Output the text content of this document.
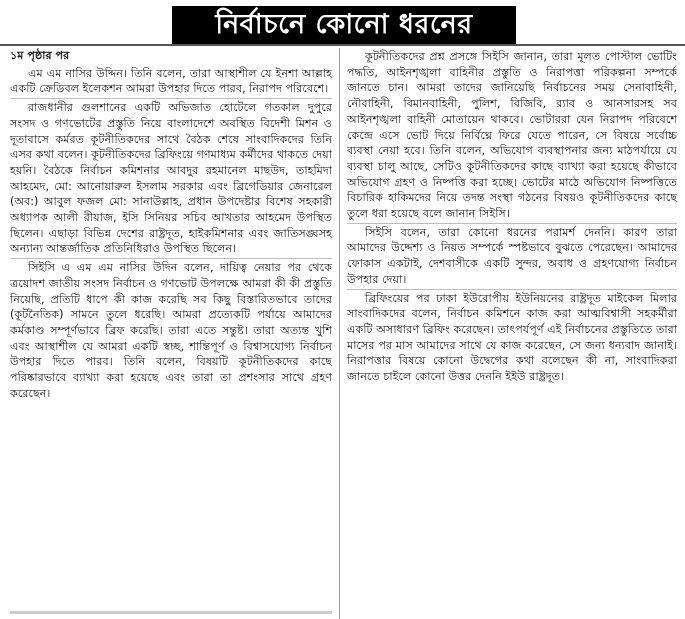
নির্বাচনে কোনো ধরনের

১ম পৃষ্ঠার পর

এম এম নাসির উদ্দিন। তিনি বলেন, তারা আস্থাশীল যে ইনশা আল্লাহ একটি ক্রেডিবল ইলেকশন আমরা উপহার দিতে পারব, নিরাপদ পরিবেশে।

রাজধানীর গুলশানের একটি অভিজাত হোটেলে গতকাল দুপুরে সংসদ ও গণভোটের প্রস্তুতি নিয়ে বাংলাদেশে অবস্থিত বিদেশী মিশন ও দূতাবাসে কর্মরত কূটনীতিকদের সাথে বৈঠক শেষে সাংবাদিকদের তিনি এসব কথা বলেন। কূটনীতিকদের ব্রিফিংয়ে গণমাধ্যম কর্মীদের থাকতে দেয়া হয়নি। বৈঠকে নির্বাচন কমিশনার আবদুর রহমানেল মাছউদ, তাহমিদা আহমেদ, মো: আনোয়ারুল ইসলাম সরকার এবং ব্রিগেডিয়ার জেনারেল (অব:) আবুল ফজল মো: সানাউল্লাহ, প্রধান উপদেষ্টার বিশেষ সহকারী অধ্যাপক আলী রীয়াজ, ইসি সিনিয়র সচিব আখতার আহমেদ উপস্থিত ছিলেন। এছাড়া বিভিন্ন দেশের রাষ্ট্রদূত, হাইকমিশনার এবং জাতিসঙ্ঘসহ অন্যান্য আন্তর্জাতিক প্রতিনিধিরাও উপস্থিত ছিলেন।

সিইসি এ এম এম নাসির উদিন বলেন, দায়িত্ব নেয়ার পর থেকে ত্রয়োদশ জাতীয় সংসদ নির্বাচন ও গণভোট উপলক্ষে আমরা কী কী প্রস্তুতি নিয়েছি, প্রতিটি ধাপে কী কাজ করেছি সব কিছু বিস্তারিতভাবে তাদের (কূটনৈতিক) সামনে তুলে ধরেছি। আমরা প্রত্যেকটি পর্যায়ে আমাদের কর্মকাণ্ড সম্পূর্ণভাবে ব্রিফ করেছি। তারা এতে সন্তুষ্ট। তারা অত্যন্ত খুশি এবং আস্থাশীল যে আমরা একটি স্বচ্ছ, শান্তিপূর্ণ ও বিশ্বাসযোগ্য নির্বাচন উপহার দিতে পারব। তিনি বলেন, বিষয়টি কূটনীতিকদের কাছে পরিষ্কারভাবে ব্যাখ্যা করা হয়েছে এবং তারা তা প্রশংসার সাথে গ্রহণ করেছেন।

কূটনীতিকদের প্রশ্ন প্রসঙ্গে সিইসি জানান, তারা মূলত পোস্টাল ভোটিং পদ্ধতি, আইনশৃঙ্খলা বাহিনীর প্রস্তুতি ও নিরাপত্তা পরিকল্পনা সম্পর্কে জানতে চান। আমরা তাদের জানিয়েছি নির্বাচনের সময় সেনাবাহিনী, নৌবাহিনী, বিমানবাহিনী, পুলিশ, বিজিবি, র‍্যাব ও আনসারসহ সব আইনশৃঙ্খলা বাহিনী মোতায়েন থাকবে। ভোটাররা যেন নিরাপদ পরিবেশে কেন্দ্রে এসে ভোট দিয়ে নির্বিঘ্নে ফিরে যেতে পারেন, সে বিষয়ে সর্বোচ্চ ব্যবস্থা নেয়া হবে। তিনি বলেন, অভিযোগ ব্যবস্থাপনার জন্য মাঠপর্যায়ে যে ব্যবস্থা চালু আছে, সেটিও কূটনীতিকদের কাছে ব্যাখ্যা করা হয়েছে কীভাবে অভিযোগ গ্রহণ ও নিষ্পত্তি করা হচ্ছে। ভোটের মাঠে অভিযোগ নিষ্পত্তিতে বিচারিক হাকিমদের নিয়ে তদন্ত সংস্থা গঠনের বিষয়ও কূটনীতিকদের কাছে তুলে ধরা হয়েছে বলে জানান সিইসি।

সিইসি বলেন, তারা কোনো ধরনের পরামর্শ দেননি। কারণ তারা আমাদের উদ্দেশ্য ও নিয়ত সম্পর্কে স্পষ্টভাবে বুঝতে পেরেছেন। আমাদের ফোকাস একটাই, দেশবাসীকে একটি সুন্দর, অবাধ ও গ্রহণযোগ্য নির্বাচন উপহার দেয়া।

ব্রিফিংয়ের পর ঢাকা ইউরোপীয় ইউনিয়নের রাষ্ট্রদূত মাইকেল মিলার সাংবাদিকদের বলেন, নির্বাচন কমিশনে কাজ করা আত্মবিশ্বাসী সহকর্মীরা একটি অসাধারণ ব্রিফিং করেছেন। তাৎপর্যপূর্ণ এই নির্বাচনের প্রস্তুতিতে তারা মাসের পর মাস আমাদের সাথে যে কাজ করেছেন, সে জন্য ধন্যবাদ জানাই। নিরাপত্তার বিষয়ে কোনো উদ্বেগের কথা বলেছেন কী না, সাংবাদিকরা জানতে চাইলে কোনো উত্তর দেননি ইইউ রাষ্ট্রদূত।
